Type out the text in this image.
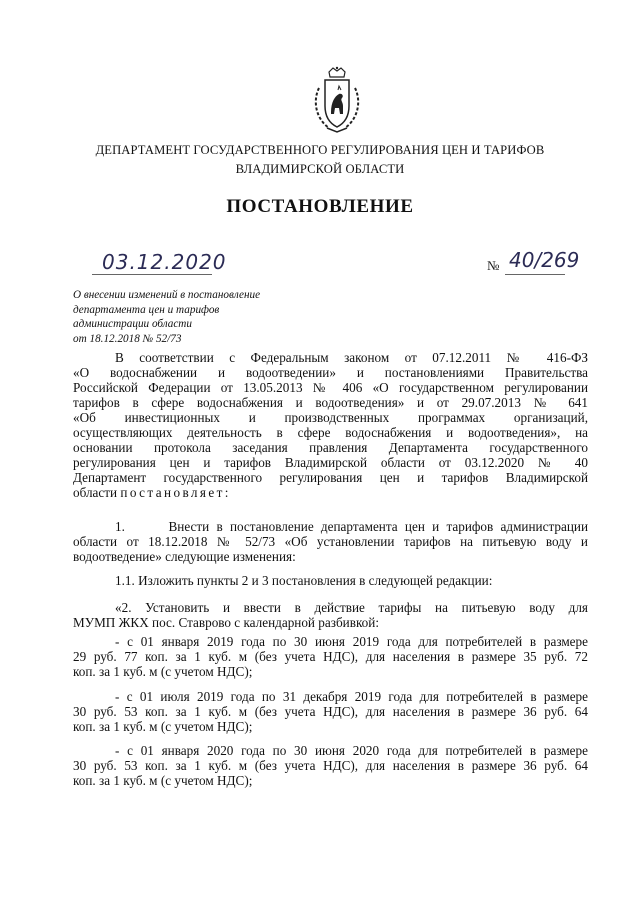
ДЕПАРТАМЕНТ ГОСУДАРСТВЕННОГО РЕГУЛИРОВАНИЯ ЦЕН И ТАРИФОВ
ВЛАДИМИРСКОЙ ОБЛАСТИ
ПОСТАНОВЛЕНИЕ
03.12.2020	№ 40/269
О внесении изменений в постановление
департамента цен и тарифов
администрации области
от 18.12.2018 № 52/73
В соответствии с Федеральным законом от 07.12.2011 № 416-ФЗ
«О водоснабжении и водоотведении» и постановлениями Правительства
Российской Федерации от 13.05.2013 № 406 «О государственном регулировании
тарифов в сфере водоснабжения и водоотведения» и от 29.07.2013 № 641
«Об инвестиционных и производственных программах организаций,
осуществляющих деятельность в сфере водоснабжения и водоотведения», на
основании протокола заседания правления Департамента государственного
регулирования цен и тарифов Владимирской области от 03.12.2020 № 40
Департамент государственного регулирования цен и тарифов Владимирской
области постановляет:
1.      Внести в постановление департамента цен и тарифов администрации
области от 18.12.2018 № 52/73 «Об установлении тарифов на питьевую воду и
водоотведение» следующие изменения:
1.1. Изложить пункты 2 и 3 постановления в следующей редакции:
«2. Установить и ввести в действие тарифы на питьевую воду для
МУМП ЖКХ пос. Ставрово с календарной разбивкой:
- с 01 января 2019 года по 30 июня 2019 года для потребителей в размере
29 руб. 77 коп. за 1 куб. м (без учета НДС), для населения в размере 35 руб. 72
коп. за 1 куб. м (с учетом НДС);
- с 01 июля 2019 года по 31 декабря 2019 года для потребителей в размере
30 руб. 53 коп. за 1 куб. м (без учета НДС), для населения в размере 36 руб. 64
коп. за 1 куб. м (с учетом НДС);
- с 01 января 2020 года по 30 июня 2020 года для потребителей в размере
30 руб. 53 коп. за 1 куб. м (без учета НДС), для населения в размере 36 руб. 64
коп. за 1 куб. м (с учетом НДС);
